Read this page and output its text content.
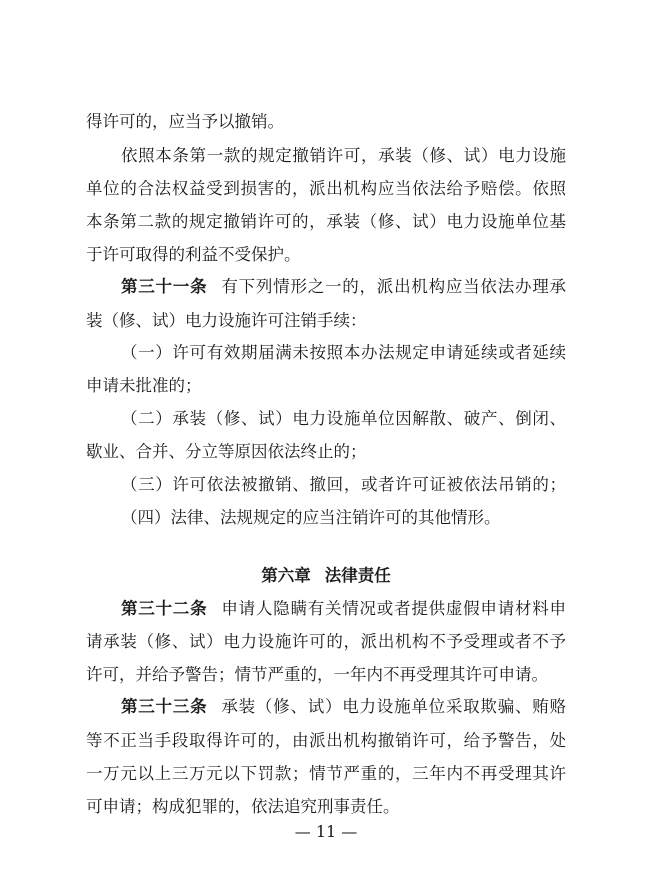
得许可的，应当予以撤销。
依照本条第一款的规定撤销许可，承装（修、试）电力设施
单位的合法权益受到损害的，派出机构应当依法给予赔偿。依照
本条第二款的规定撤销许可的，承装（修、试）电力设施单位基
于许可取得的利益不受保护。
第三十一条 有下列情形之一的，派出机构应当依法办理承
装（修、试）电力设施许可注销手续：
（一）许可有效期届满未按照本办法规定申请延续或者延续
申请未批准的；
（二）承装（修、试）电力设施单位因解散、破产、倒闭、
歇业、合并、分立等原因依法终止的；
（三）许可依法被撤销、撤回，或者许可证被依法吊销的；
（四）法律、法规规定的应当注销许可的其他情形。
第六章 法律责任
第三十二条 申请人隐瞒有关情况或者提供虚假申请材料申
请承装（修、试）电力设施许可的，派出机构不予受理或者不予
许可，并给予警告；情节严重的，一年内不再受理其许可申请。
第三十三条 承装（修、试）电力设施单位采取欺骗、贿赂
等不正当手段取得许可的，由派出机构撤销许可，给予警告，处
一万元以上三万元以下罚款；情节严重的，三年内不再受理其许
可申请；构成犯罪的，依法追究刑事责任。
— 11 —
